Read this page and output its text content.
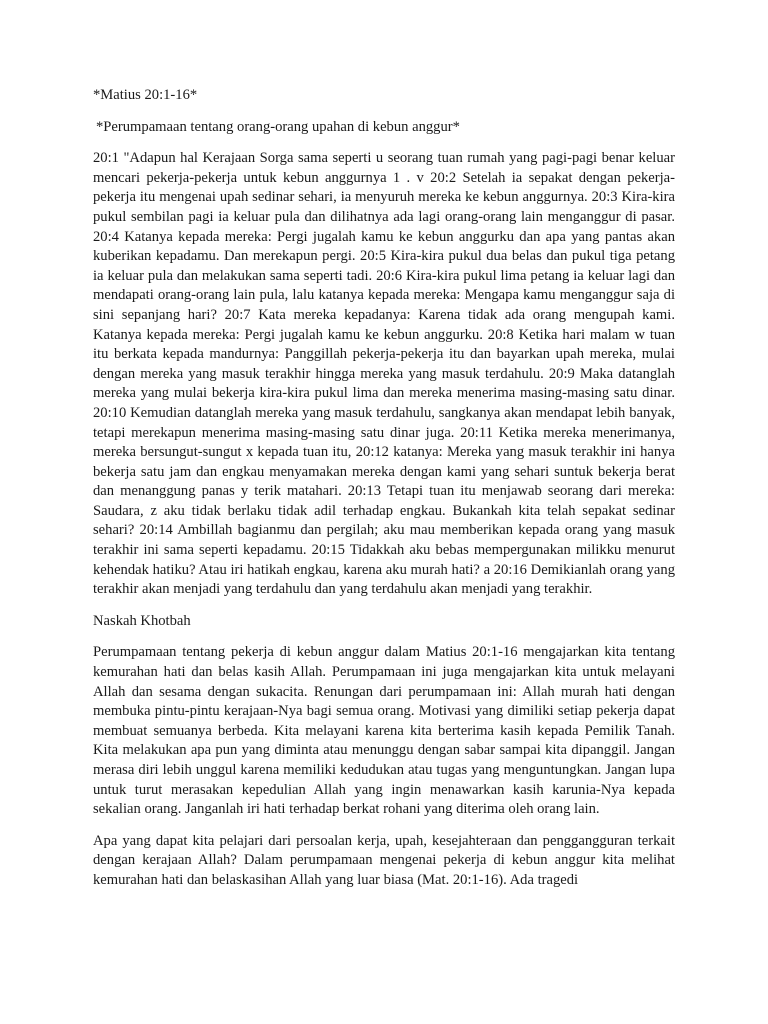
*Matius 20:1-16*

*Perumpamaan tentang orang-orang upahan di kebun anggur*

20:1 "Adapun hal Kerajaan Sorga sama seperti u seorang tuan rumah yang pagi-pagi benar keluar mencari pekerja-pekerja untuk kebun anggurnya 1 . v 20:2 Setelah ia sepakat dengan pekerja-pekerja itu mengenai upah sedinar sehari, ia menyuruh mereka ke kebun anggurnya. 20:3 Kira-kira pukul sembilan pagi ia keluar pula dan dilihatnya ada lagi orang-orang lain menganggur di pasar. 20:4 Katanya kepada mereka: Pergi jugalah kamu ke kebun anggurku dan apa yang pantas akan kuberikan kepadamu. Dan merekapun pergi. 20:5 Kira-kira pukul dua belas dan pukul tiga petang ia keluar pula dan melakukan sama seperti tadi. 20:6 Kira-kira pukul lima petang ia keluar lagi dan mendapati orang-orang lain pula, lalu katanya kepada mereka: Mengapa kamu menganggur saja di sini sepanjang hari? 20:7 Kata mereka kepadanya: Karena tidak ada orang mengupah kami. Katanya kepada mereka: Pergi jugalah kamu ke kebun anggurku. 20:8 Ketika hari malam w tuan itu berkata kepada mandurnya: Panggillah pekerja-pekerja itu dan bayarkan upah mereka, mulai dengan mereka yang masuk terakhir hingga mereka yang masuk terdahulu. 20:9 Maka datanglah mereka yang mulai bekerja kira-kira pukul lima dan mereka menerima masing-masing satu dinar. 20:10 Kemudian datanglah mereka yang masuk terdahulu, sangkanya akan mendapat lebih banyak, tetapi merekapun menerima masing-masing satu dinar juga. 20:11 Ketika mereka menerimanya, mereka bersungut-sungut x kepada tuan itu, 20:12 katanya: Mereka yang masuk terakhir ini hanya bekerja satu jam dan engkau menyamakan mereka dengan kami yang sehari suntuk bekerja berat dan menanggung panas y terik matahari. 20:13 Tetapi tuan itu menjawab seorang dari mereka: Saudara, z aku tidak berlaku tidak adil terhadap engkau. Bukankah kita telah sepakat sedinar sehari? 20:14 Ambillah bagianmu dan pergilah; aku mau memberikan kepada orang yang masuk terakhir ini sama seperti kepadamu. 20:15 Tidakkah aku bebas mempergunakan milikku menurut kehendak hatiku? Atau iri hatikah engkau, karena aku murah hati? a 20:16 Demikianlah orang yang terakhir akan menjadi yang terdahulu dan yang terdahulu akan menjadi yang terakhir.

Naskah Khotbah

Perumpamaan tentang pekerja di kebun anggur dalam Matius 20:1-16 mengajarkan kita tentang kemurahan hati dan belas kasih Allah. Perumpamaan ini juga mengajarkan kita untuk melayani Allah dan sesama dengan sukacita. Renungan dari perumpamaan ini: Allah murah hati dengan membuka pintu-pintu kerajaan-Nya bagi semua orang. Motivasi yang dimiliki setiap pekerja dapat membuat semuanya berbeda. Kita melayani karena kita berterima kasih kepada Pemilik Tanah. Kita melakukan apa pun yang diminta atau menunggu dengan sabar sampai kita dipanggil. Jangan merasa diri lebih unggul karena memiliki kedudukan atau tugas yang menguntungkan. Jangan lupa untuk turut merasakan kepedulian Allah yang ingin menawarkan kasih karunia-Nya kepada sekalian orang. Janganlah iri hati terhadap berkat rohani yang diterima oleh orang lain.

Apa yang dapat kita pelajari dari persoalan kerja, upah, kesejahteraan dan penggangguran terkait dengan kerajaan Allah? Dalam perumpamaan mengenai pekerja di kebun anggur kita melihat kemurahan hati dan belaskasihan Allah yang luar biasa (Mat. 20:1-16). Ada tragedi
